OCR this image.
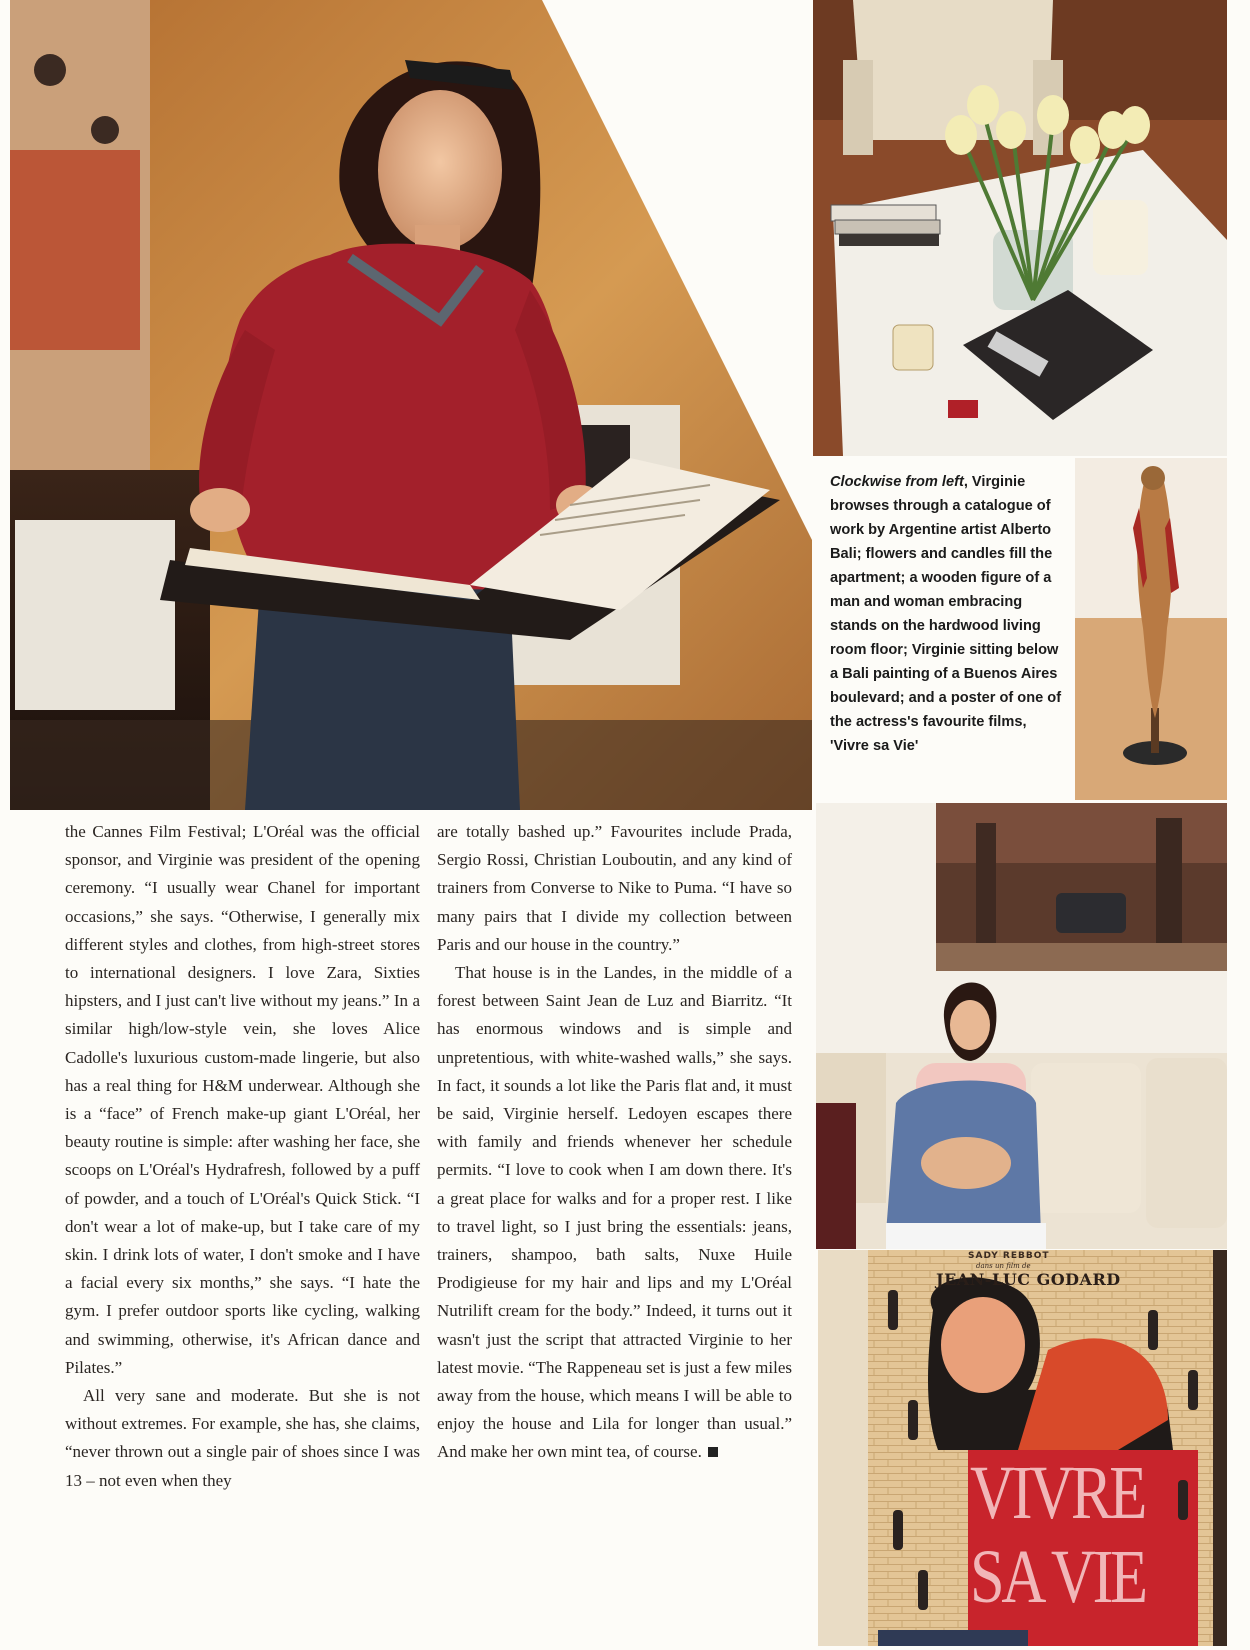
Clockwise from left, Virginie browses through a catalogue of work by Argentine artist Alberto Bali; flowers and candles fill the apartment; a wooden figure of a man and woman embracing stands on the hardwood living room floor; Virginie sitting below a Bali painting of a Buenos Aires boulevard; and a poster of one of the actress's favourite films, 'Vivre sa Vie'
SADY REBBOT
dans un film de
JEAN-LUC GODARD
VIVRE
SA VIE

the Cannes Film Festival; L'Oréal was the official sponsor, and Virginie was president of the opening ceremony. “I usually wear Chanel for important occasions,” she says. “Otherwise, I generally mix different styles and clothes, from high-street stores to international designers. I love Zara, Sixties hipsters, and I just can't live without my jeans.” In a similar high/low-style vein, she loves Alice Cadolle's luxurious custom-made lingerie, but also has a real thing for H&M underwear. Although she is a “face” of French make-up giant L'Oréal, her beauty routine is simple: after washing her face, she scoops on L'Oréal's Hydrafresh, followed by a puff of powder, and a touch of L'Oréal's Quick Stick. “I don't wear a lot of make-up, but I take care of my skin. I drink lots of water, I don't smoke and I have a facial every six months,” she says. “I hate the gym. I prefer outdoor sports like cycling, walking and swimming, otherwise, it's African dance and Pilates.”

All very sane and moderate. But she is not without extremes. For example, she has, she claims, “never thrown out a single pair of shoes since I was 13 – not even when they

are totally bashed up.” Favourites include Prada, Sergio Rossi, Christian Louboutin, and any kind of trainers from Converse to Nike to Puma. “I have so many pairs that I divide my collection between Paris and our house in the country.”

That house is in the Landes, in the middle of a forest between Saint Jean de Luz and Biarritz. “It has enormous windows and is simple and unpretentious, with white-washed walls,” she says. In fact, it sounds a lot like the Paris flat and, it must be said, Virginie herself. Ledoyen escapes there with family and friends whenever her schedule permits. “I love to cook when I am down there. It's a great place for walks and for a proper rest. I like to travel light, so I just bring the essentials: jeans, trainers, shampoo, bath salts, Nuxe Huile Prodigieuse for my hair and lips and my L'Oréal Nutrilift cream for the body.” Indeed, it turns out it wasn't just the script that attracted Virginie to her latest movie. “The Rappeneau set is just a few miles away from the house, which means I will be able to enjoy the house and Lila for longer than usual.” And make her own mint tea, of course.
